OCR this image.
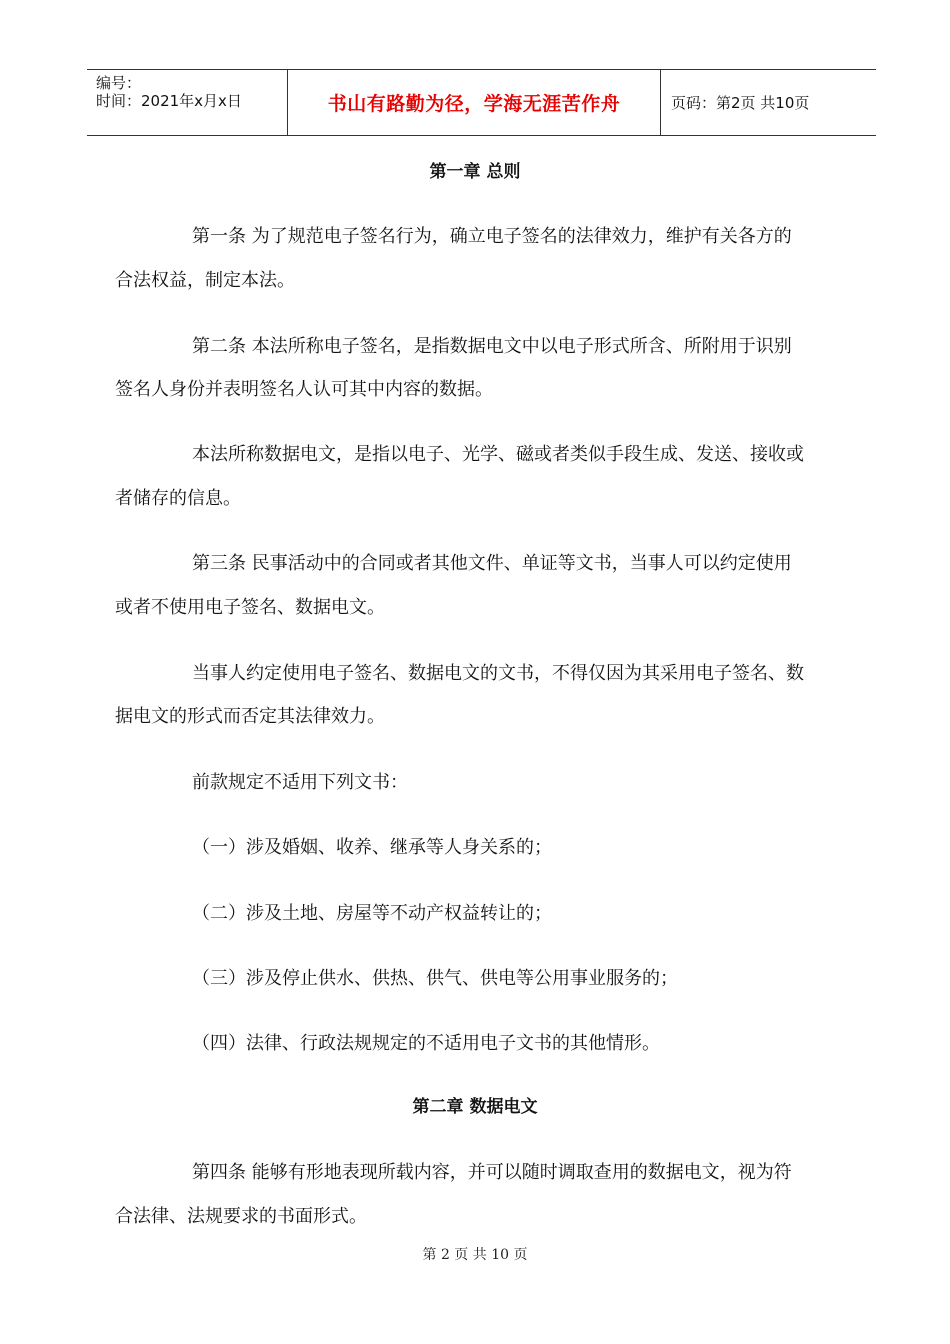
编号：
时间：2021年x月x日	书山有路勤为径，学海无涯苦作舟	页码：第2页 共10页
第一章 总则
第一条 为了规范电子签名行为，确立电子签名的法律效力，维护有关各方的
合法权益，制定本法。
第二条 本法所称电子签名，是指数据电文中以电子形式所含、所附用于识别
签名人身份并表明签名人认可其中内容的数据。
本法所称数据电文，是指以电子、光学、磁或者类似手段生成、发送、接收或
者储存的信息。
第三条 民事活动中的合同或者其他文件、单证等文书，当事人可以约定使用
或者不使用电子签名、数据电文。
当事人约定使用电子签名、数据电文的文书，不得仅因为其采用电子签名、数
据电文的形式而否定其法律效力。
前款规定不适用下列文书：
（一）涉及婚姻、收养、继承等人身关系的；
（二）涉及土地、房屋等不动产权益转让的；
（三）涉及停止供水、供热、供气、供电等公用事业服务的；
（四）法律、行政法规规定的不适用电子文书的其他情形。
第二章 数据电文
第四条 能够有形地表现所载内容，并可以随时调取查用的数据电文，视为符
合法律、法规要求的书面形式。
第 2 页 共 10 页
